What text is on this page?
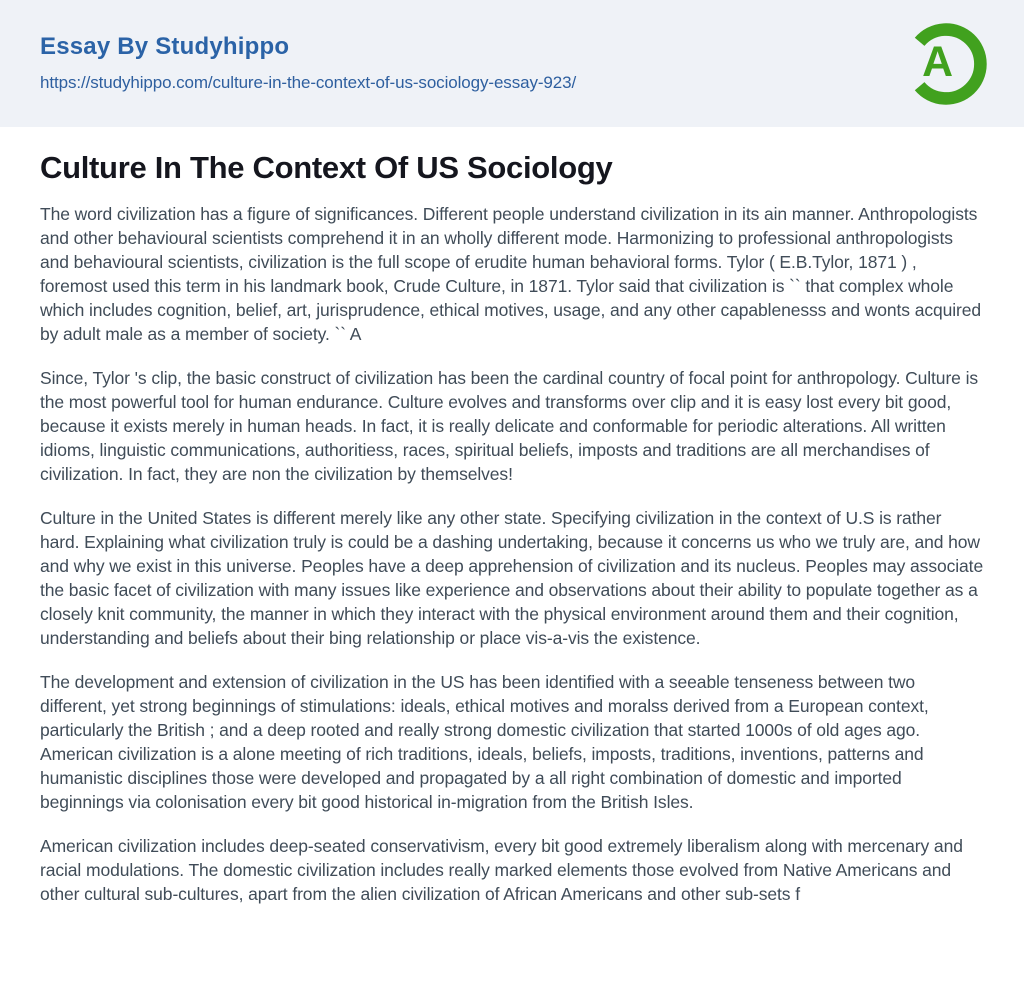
Essay By Studyhippo
https://studyhippo.com/culture-in-the-context-of-us-sociology-essay-923/	A
Culture In The Context Of US Sociology

The word civilization has a figure of significances. Different people understand civilization in its ain manner. Anthropologists and other behavioural scientists comprehend it in an wholly different mode. Harmonizing to professional anthropologists and behavioural scientists, civilization is the full scope of erudite human behavioral forms. Tylor ( E.B.Tylor, 1871 ) , foremost used this term in his landmark book, Crude Culture, in 1871. Tylor said that civilization is `` that complex whole which includes cognition, belief, art, jurisprudence, ethical motives, usage, and any other capablenesss and wonts acquired by adult male as a member of society. `` A

Since, Tylor 's clip, the basic construct of civilization has been the cardinal country of focal point for anthropology. Culture is the most powerful tool for human endurance. Culture evolves and transforms over clip and it is easy lost every bit good, because it exists merely in human heads. In fact, it is really delicate and conformable for periodic alterations. All written idioms, linguistic communications, authoritiess, races, spiritual beliefs, imposts and traditions are all merchandises of civilization. In fact, they are non the civilization by themselves!

Culture in the United States is different merely like any other state. Specifying civilization in the context of U.S is rather hard. Explaining what civilization truly is could be a dashing undertaking, because it concerns us who we truly are, and how and why we exist in this universe. Peoples have a deep apprehension of civilization and its nucleus. Peoples may associate the basic facet of civilization with many issues like experience and observations about their ability to populate together as a closely knit community, the manner in which they interact with the physical environment around them and their cognition, understanding and beliefs about their bing relationship or place vis-a-vis the existence.

The development and extension of civilization in the US has been identified with a seeable tenseness between two different, yet strong beginnings of stimulations: ideals, ethical motives and moralss derived from a European context, particularly the British ; and a deep rooted and really strong domestic civilization that started 1000s of old ages ago. American civilization is a alone meeting of rich traditions, ideals, beliefs, imposts, traditions, inventions, patterns and humanistic disciplines those were developed and propagated by a all right combination of domestic and imported beginnings via colonisation every bit good historical in-migration from the British Isles.

American civilization includes deep-seated conservativism, every bit good extremely liberalism along with mercenary and racial modulations. The domestic civilization includes really marked elements those evolved from Native Americans and other cultural sub-cultures, apart from the alien civilization of African Americans and other sub-sets f
